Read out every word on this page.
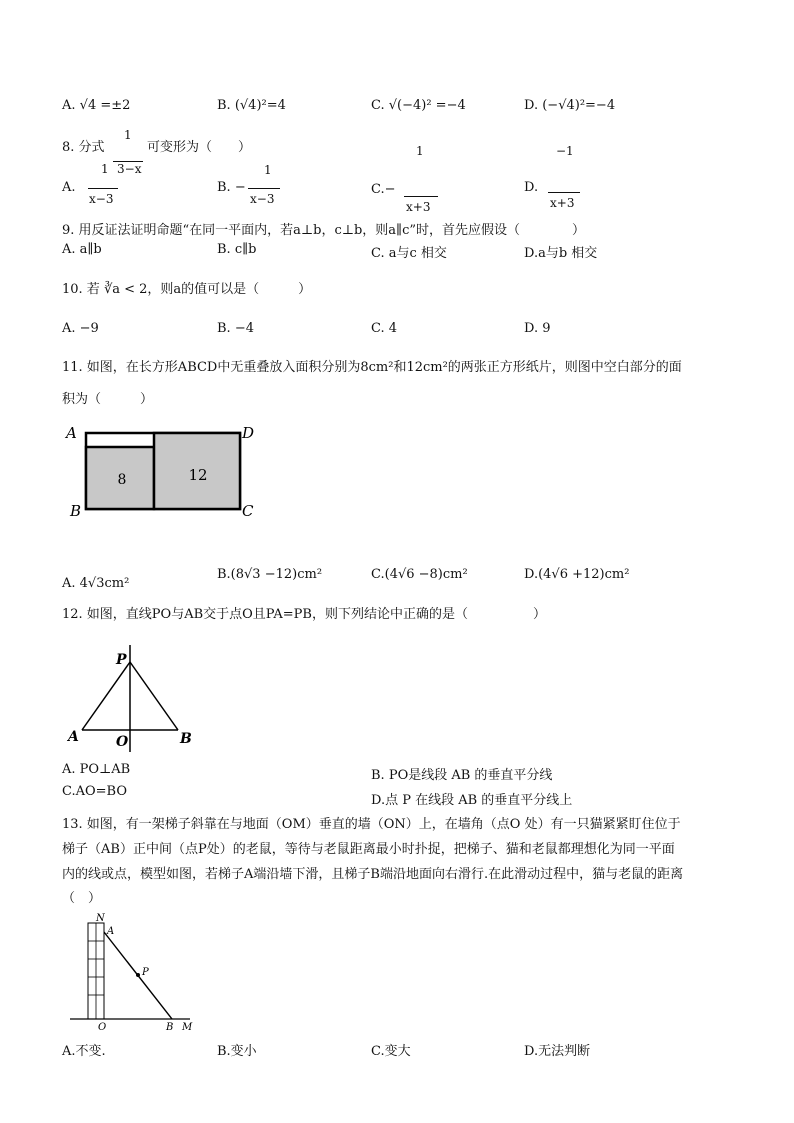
A. √4 =±2	B. (√4)²=4	C. √(−4)² =−4	D. (−√4)²=−4
8. 分式
1
可变形为（　　）
1 3−x	1
1	−1
A.
x−3
B. −
x−3
C.−
x+3
D.
x+3
9. 用反证法证明命题“在同一平面内，若a⊥b，c⊥b，则a∥c”时，首先应假设（　　　　）
A. a∥b	B. c∥b	C. a与c 相交	D.a与b 相交
10. 若 ∛a < 2，则a的值可以是（　　　）
A. −9	B. −4	C. 4	D. 9
11. 如图，在长方形ABCD中无重叠放入面积分别为8cm²和12cm²的两张正方形纸片，则图中空白部分的面
积为（　　　）
8	12
A	D
B	C
A. 4√3cm²
B.(8√3 −12)cm²	C.(4√6 −8)cm²	D.(4√6 +12)cm²
12. 如图，直线PO与AB交于点O且PA=PB，则下列结论中正确的是（　　　　　）
P
A	O	B
A. PO⊥AB	B. PO是线段 AB 的垂直平分线
C.AO=BO
D.点 P 在线段 AB 的垂直平分线上
13. 如图，有一架梯子斜靠在与地面（OM）垂直的墙（ON）上，在墙角（点O 处）有一只猫紧紧盯住位于
梯子（AB）正中间（点P处）的老鼠，等待与老鼠距离最小时扑捉，把梯子、猫和老鼠都理想化为同一平面
内的线或点，模型如图，若梯子A端沿墙下滑，且梯子B端沿地面向右滑行.在此滑动过程中，猫与老鼠的距离
（　）
N
A
P
O	B M
A.不变.	B.变小	C.变大	D.无法判断
